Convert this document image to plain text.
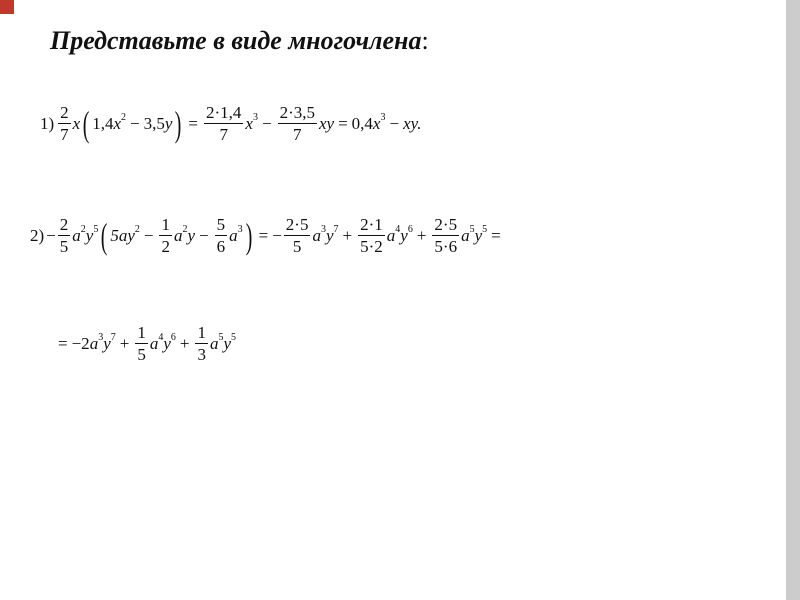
Представьте в виде многочлена:
$1) \frac{2}{7}$ x ( 1,4 $x^2 - 3,5$ y ) = $\frac{2\cdot 1,4}{7} x^3 - \frac{2\cdot 3,5}{7}$ xy = 0,4 $x^3$ − xy.
$2) - \frac{2}{5} a^2$ $y^5$ ( $5ay^2 - \frac{1}{2} a^2$ $y - \frac{5}{6} a^3$ ) = − $\frac{2\cdot 5}{5} a^3$ $y^7 + \frac{2\cdot 1}{5\cdot 2} a^4$ $y^6 + \frac{2\cdot 5}{5\cdot 6} a^5$ $y^5$ =
= −2 $a^3$ $y^7 + \frac{1}{5} a^4$ $y^6 + \frac{1}{3} a^5$ $y^5$
